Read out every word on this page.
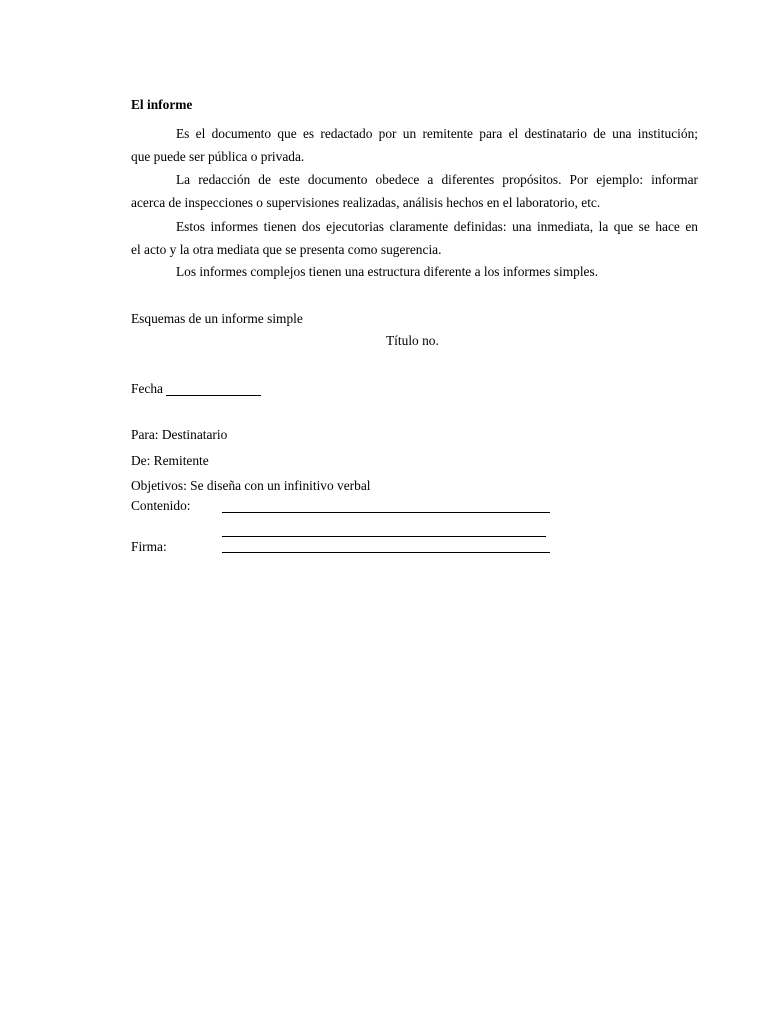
El informe
Es el documento que es redactado por un remitente para el destinatario de una institución;
que puede ser pública o privada.
La redacción de este documento obedece a diferentes propósitos. Por ejemplo: informar
acerca de inspecciones o supervisiones realizadas, análisis hechos en el laboratorio, etc.
Estos informes tienen dos ejecutorias claramente definidas: una inmediata, la que se hace en
el acto y la otra mediata que se presenta como sugerencia.
Los informes complejos tienen una estructura diferente a los informes simples.
Esquemas de un informe simple
Título no.
Fecha
Para: Destinatario
De: Remitente
Objetivos: Se diseña con un infinitivo verbal
Contenido:
Firma:
